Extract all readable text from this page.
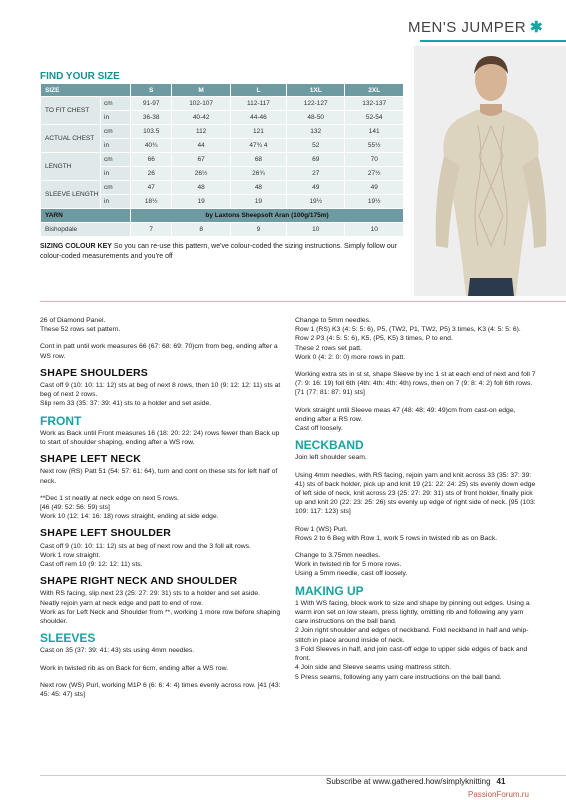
MEN'S JUMPER ✱
FIND YOUR SIZE
SIZE		S	M	L	1XL	2XL
TO FIT CHEST	cm	91-97	102-107	112-117	122-127	132-137
	in	36-38	40-42	44-46	48-50	52-54
ACTUAL CHEST	cm	103.5	112	121	132	141
	in	40¾	44	47¾ 4	52	55½
LENGTH	cm	66	67	68	69	70
	in	26	26½	26¾	27	27½
SLEEVE LENGTH	cm	47	48	48	49	49
	in	18½	19	19	19½	19½
YARN		by Laxtons Sheepsoft Aran (100g/175m)				
Bishopdale		7	8	9	10	10
SIZING COLOUR KEY So you can re-use this pattern, we've colour-coded the sizing instructions. Simply follow our colour-coded measurements and you're off

26 of Diamond Panel.
These 52 rows set pattern.

Cont in patt until work measures 66 (67: 68: 69: 70)cm from beg, ending after a WS row.

SHAPE SHOULDERS

Cast off 9 (10: 10: 11: 12) sts at beg of next 8 rows, then 10 (9: 12: 12: 11) sts at beg of next 2 rows.
Slip rem 33 (35: 37: 39: 41) sts to a holder and set aside.

FRONT

Work as Back until Front measures 16 (18: 20: 22: 24) rows fewer than Back up to start of shoulder shaping, ending after a WS row.

SHAPE LEFT NECK

Next row (RS) Patt 51 (54: 57: 61: 64), turn and cont on these sts for left half of neck.

**Dec 1 st neatly at neck edge on next 5 rows.
[46 (49: 52: 56: 59) sts]
Work 10 (12: 14: 16: 18) rows straight, ending at side edge.

SHAPE LEFT SHOULDER

Cast off 9 (10: 10: 11: 12) sts at beg of next row and the 3 foll alt rows.
Work 1 row straight.
Cast off rem 10 (9: 12: 12: 11) sts.

SHAPE RIGHT NECK AND SHOULDER

With RS facing, slip next 23 (25: 27: 29: 31) sts to a holder and set aside.
Neatly rejoin yarn at neck edge and patt to end of row.
Work as for Left Neck and Shoulder from **, working 1 more row before shaping shoulder.

SLEEVES

Cast on 35 (37: 39: 41: 43) sts using 4mm needles.

Work in twisted rib as on Back for 6cm, ending after a WS row.

Next row (WS) Purl, working M1P 6 (6: 6: 4: 4) times evenly across row. [41 (43: 45: 45: 47) sts]

Change to 5mm needles.
Row 1 (RS) K3 (4: 5: 5: 6), P5, (TW2, P1, TW2, P5) 3 times, K3 (4: 5: 5: 6).
Row 2 P3 (4: 5: 5: 6), K5, (P5, K5) 3 times, P to end.
These 2 rows set patt.
Work 0 (4: 2: 0: 0) more rows in patt.

Working extra sts in st st, shape Sleeve by inc 1 st at each end of next and foll 7 (7: 9: 16: 19) foll 6th (4th: 4th: 4th: 4th) rows, then on 7 (9: 8: 4: 2) foll 6th rows. [71 (77: 81: 87: 91) sts]

Work straight until Sleeve meas 47 (48: 48: 49: 49)cm from cast-on edge, ending after a RS row.
Cast off loosely.

NECKBAND

Join left shoulder seam.

Using 4mm needles, with RS facing, rejoin yarn and knit across 33 (35: 37: 39: 41) sts of back holder, pick up and knit 19 (21: 22: 24: 25) sts evenly down edge of left side of neck, knit across 23 (25: 27: 29: 31) sts of front holder, finally pick up and knit 20 (22: 23: 25: 26) sts evenly up edge of right side of neck. [95 (103: 109: 117: 123) sts]

Row 1 (WS) Purl.
Rows 2 to 6 Beg with Row 1, work 5 rows in twisted rib as on Back.

Change to 3.75mm needles.
Work in twisted rib for 5 more rows.
Using a 5mm needle, cast off loosely.

MAKING UP

1 With WS facing, block work to size and shape by pinning out edges. Using a warm iron set on low steam, press lightly, omitting rib and following any yarn care instructions on the ball band.
2 Join right shoulder and edges of neckband. Fold neckband in half and whip-stitch in place around inside of neck.
3 Fold Sleeves in half, and join cast-off edge to upper side edges of back and front.
4 Join side and Sleeve seams using mattress stitch.
5 Press seams, following any yarn care instructions on the ball band.

Subscribe at www.gathered.how/simplyknitting 41
PassionForum.ru
